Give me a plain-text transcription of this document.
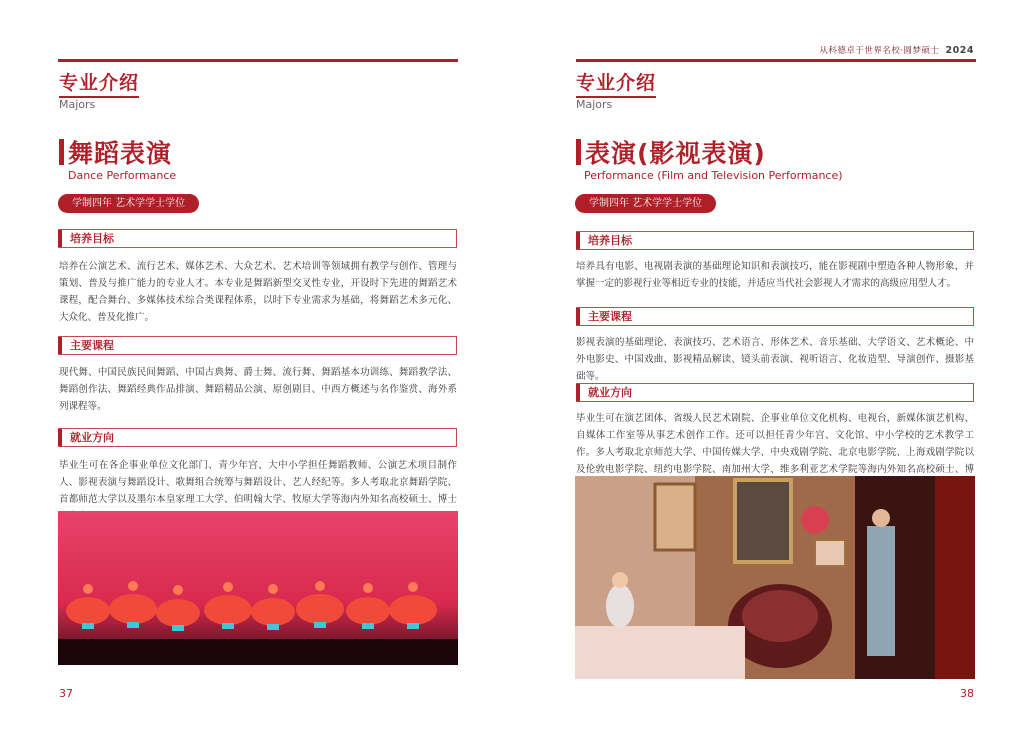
专业介绍
Majors
舞蹈表演
Dance Performance
学制四年 艺术学学士学位
培养目标
培养在公演艺术、流行艺术、媒体艺术、大众艺术、艺术培训等领域拥有教学与创作、管理与策划、普及与推广能力的专业人才。本专业是舞蹈新型交叉性专业，开设时下先进的舞蹈艺术课程，配合舞台、多媒体技术综合类课程体系，以时下专业需求为基础，将舞蹈艺术多元化、大众化、普及化推广。
主要课程
现代舞、中国民族民间舞蹈、中国古典舞、爵士舞、流行舞、舞蹈基本功训练、舞蹈教学法、舞蹈创作法、舞蹈经典作品排演、舞蹈精品公演、原创剧目、中西方概述与名作鉴赏、海外系列课程等。
就业方向
毕业生可在各企事业单位文化部门、青少年宫、大中小学担任舞蹈教师、公演艺术项目制作人、影视表演与舞蹈设计、歌舞组合统筹与舞蹈设计、艺人经纪等。多人考取北京舞蹈学院、首都师范大学以及墨尔本皇家理工大学、伯明翰大学、牧原大学等海内外知名高校硕士、博士
37
从科德卓于世界名校·圆梦硕士 2024
专业介绍
Majors
表演(影视表演)
Performance (Film and Television Performance)
学制四年 艺术学学士学位
培养目标
培养具有电影、电视剧表演的基础理论知识和表演技巧，能在影视剧中塑造各种人物形象，并掌握一定的影视行业等相近专业的技能，并适应当代社会影视人才需求的高级应用型人才。
主要课程
影视表演的基础理论、表演技巧、艺术语言、形体艺术、音乐基础、大学语文、艺术概论、中外电影史、中国戏曲、影视精品解读、镜头前表演、视听语言、化妆造型、导演创作、摄影基础等。
就业方向
毕业生可在演艺团体、省级人民艺术剧院、企事业单位文化机构、电视台，新媒体演艺机构、自媒体工作室等从事艺术创作工作。还可以担任青少年宫、文化馆、中小学校的艺术教学工作。多人考取北京师范大学、中国传媒大学、中央戏剧学院、北京电影学院、上海戏剧学院以及伦敦电影学院、纽约电影学院、南加州大学、维多利亚艺术学院等海内外知名高校硕士、博
38
